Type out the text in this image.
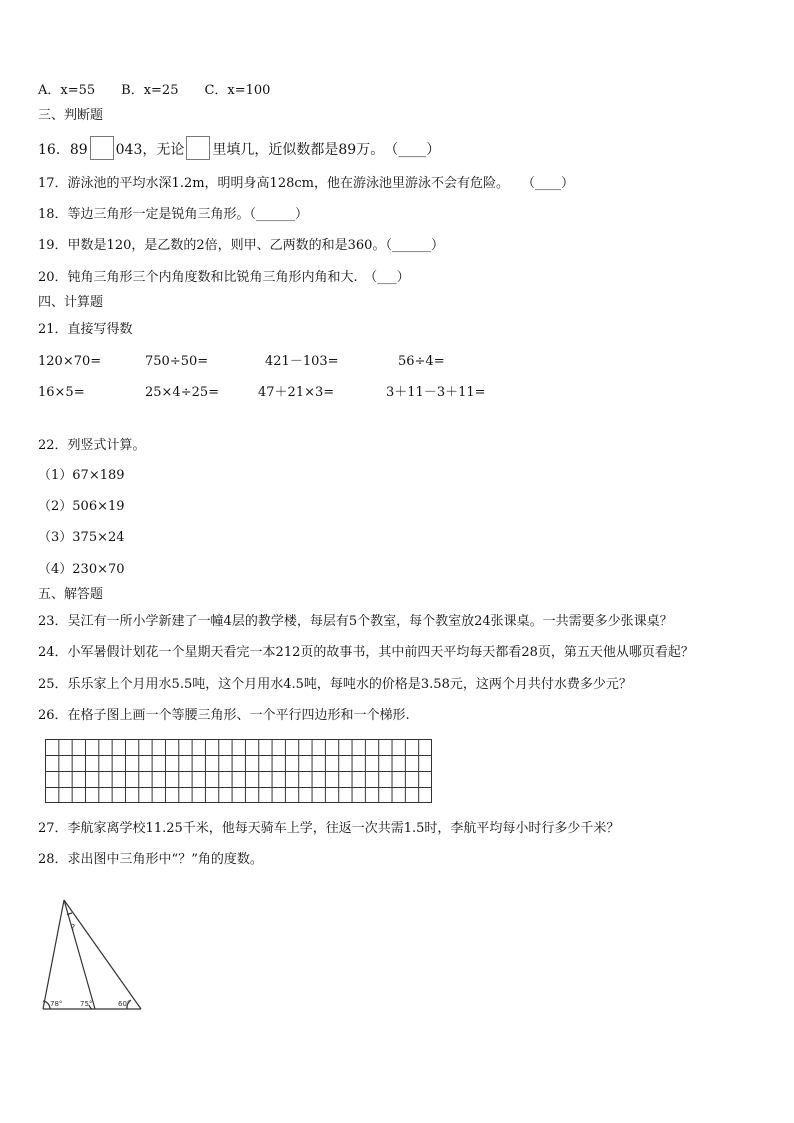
A．x=55　　B．x=25　　C．x=100
三、判断题
16．89 043，无论 里填几，近似数都是89万。　（____）
17．游泳池的平均水深1.2m，明明身高128cm，他在游泳池里游泳不会有危险。　　（____）
18．等边三角形一定是锐角三角形。（______）
19．甲数是120，是乙数的2倍，则甲、乙两数的和是360。（______）
20．钝角三角形三个内角度数和比锐角三角形内角和大.　（___）
四、计算题
21．直接写得数
120×70=	750÷50=	421－103=	56÷4=
16×5=	25×4÷25=	47＋21×3=	3＋11－3＋11=
22．列竖式计算。
（1）67×189
（2）506×19
（3）375×24
（4）230×70
五、解答题
23．吴江有一所小学新建了一幢4层的教学楼，每层有5个教室，每个教室放24张课桌。一共需要多少张课桌？
24．小军暑假计划花一个星期天看完一本212页的故事书，其中前四天平均每天都看28页，第五天他从哪页看起？
25．乐乐家上个月用水5.5吨，这个月用水4.5吨，每吨水的价格是3.58元，这两个月共付水费多少元？
26．在格子图上画一个等腰三角形、一个平行四边形和一个梯形.
27．李航家离学校11.25千米，他每天骑车上学，往返一次共需1.5时，李航平均每小时行多少千米？
28．求出图中三角形中“？”角的度数。
?
78°	75°	60°
